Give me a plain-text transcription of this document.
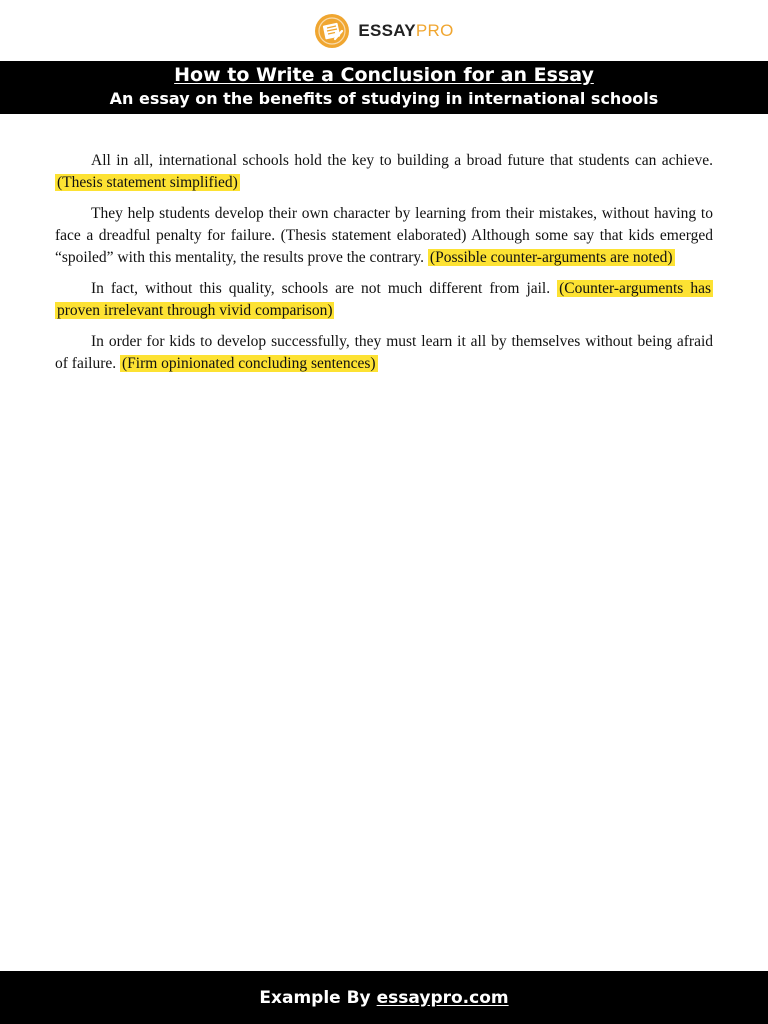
ESSAYPRO
How to Write a Conclusion for an Essay
An essay on the benefits of studying in international schools

All in all, international schools hold the key to building a broad future that students can achieve. (Thesis statement simplified)

They help students develop their own character by learning from their mistakes, without having to face a dreadful penalty for failure. (Thesis statement elaborated) Although some say that kids emerged “spoiled” with this mentality, the results prove the contrary. (Possible counter-arguments are noted)

In fact, without this quality, schools are not much different from jail. (Counter-arguments has proven irrelevant through vivid comparison)

In order for kids to develop successfully, they must learn it all by themselves without being afraid of failure. (Firm opinionated concluding sentences)

Example By essaypro.com
